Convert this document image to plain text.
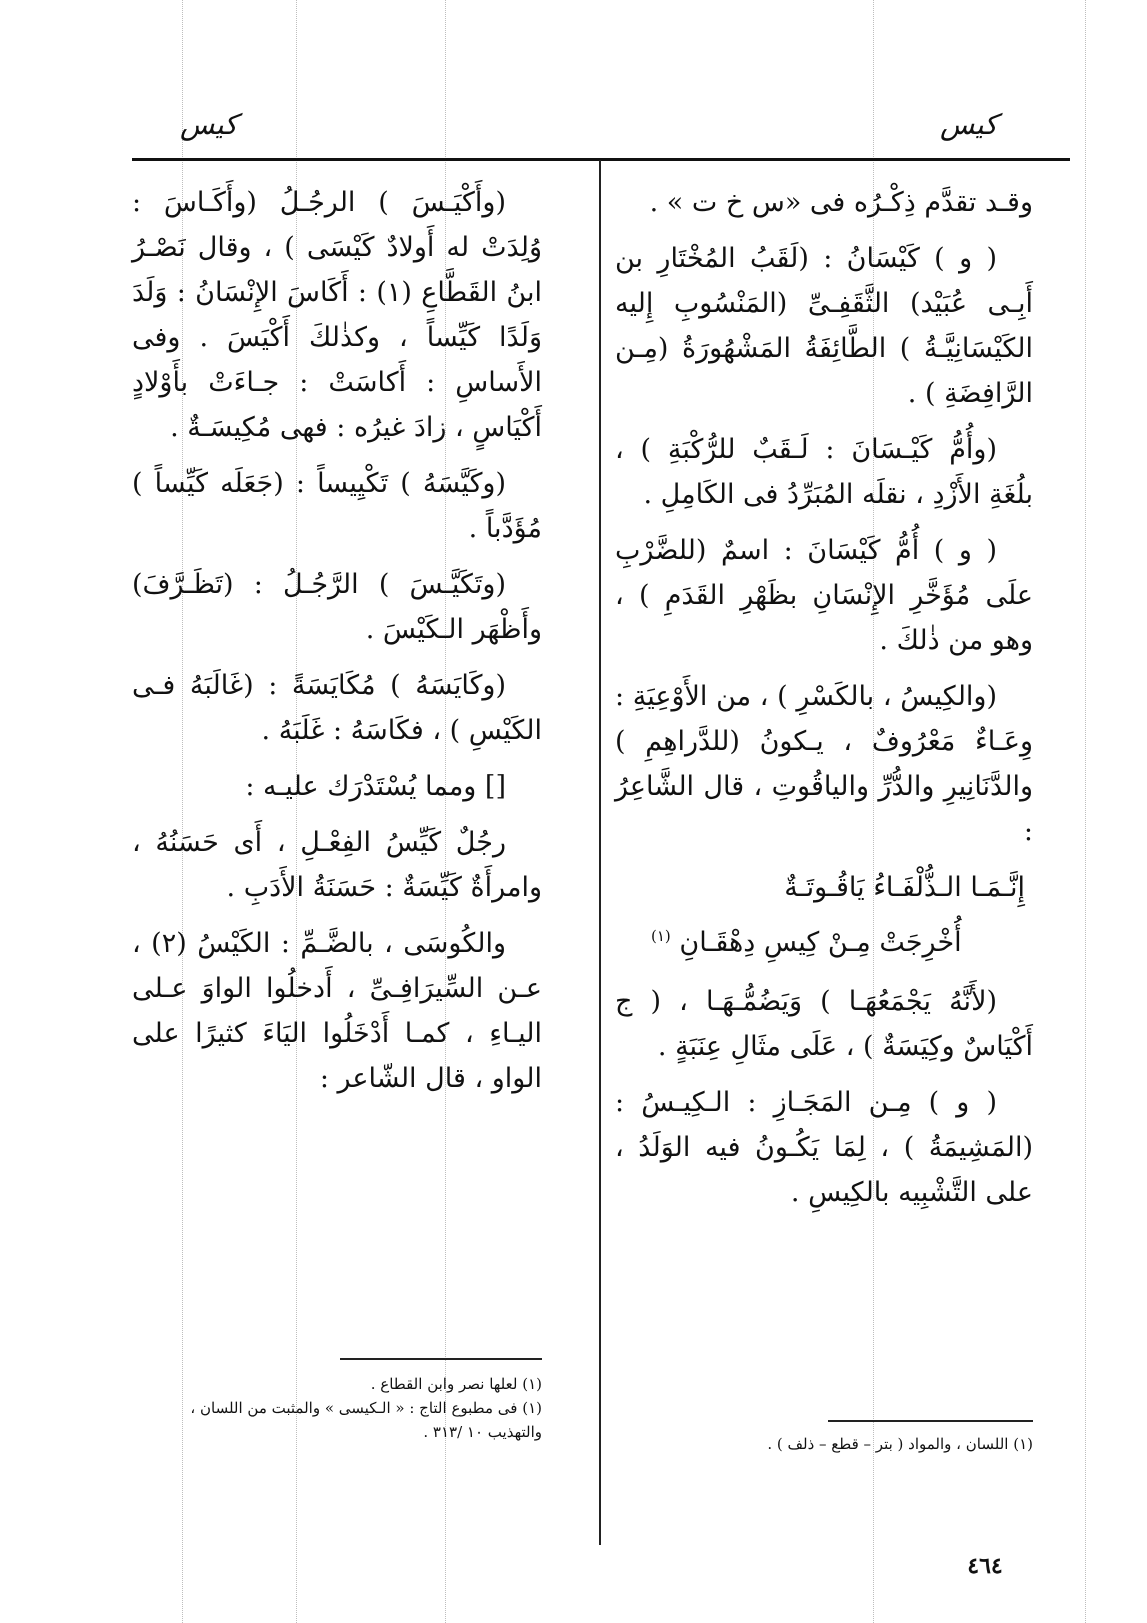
كيس
كيس

وقـد تقدَّم ذِكْـرُه فى «س خ ت » .

( و ) كَيْسَانُ : (لَقَبُ المُخْتَارِ بن أَبِـى عُبَيْد) الثَّقَفِـىِّ (المَنْسُوبِ إِليه الكَيْسَانِيَّـةُ ) الطَّائِفَةُ المَشْهُورَةُ (مِـن الرَّافِضَةِ ) .

(وأُمُّ كَيْـسَانَ : لَـقَبٌ للرُّكْبَةِ ) ، بلُغَةِ الأَزْدِ ، نقلَه المُبَرِّدُ فى الكَامِلِ .

( و ) أُمُّ كَيْسَانَ : اسمٌ (للضَّرْبِ علَى مُؤَخَّرِ الإِنْسَانِ بظَهْرِ القَدَمِ ) ، وهو من ذٰلكَ .

(والكِيسُ ، بالكَسْرِ ) ، من الأَوْعِيَةِ : وِعَـاءٌ مَعْرُوفٌ ، يـكونُ (للدَّراهِمِ ) والدَّنَانِيرِ والدُّرِّ والياقُوتِ ، قال الشَّاعِرُ :

إِنَّـمَـا الـذُّلْفَـاءُ يَاقُـوتَـةٌ

أُخْرِجَتْ مِـنْ كِيسِ دِهْقَـانِ $^{(١)}$

(لأَنَّهُ يَجْمَعُهَـا ) وَيَضُمُّـهَـا ، ( ج أَكْيَاسٌ وكِيَسَةٌ ) ، عَلَى مثَالِ عِنَبَةٍ .

( و ) مِـن المَجَـازِ : الـكِيـسُ : (المَشِيمَةُ ) ، لِمَا يَكُـونُ فيه الوَلَدُ ، على التَّشْبِيه بالكِيسِ .

(١) اللسان ، والمواد ( بتر – قطع – ذلف ) .

(وأَكْيَـسَ ) الرجُـلُ (وأَكَـاسَ : وُلِدَتْ له أَولادٌ كَيْسَى ) ، وقال نَصْـرُ ابنُ القَطَّاعِ (١) : أَكَاسَ الإِنْسَانُ : وَلَدَ وَلَدًا كَيِّساً ، وكذٰلكَ أَكْيَسَ . وفى الأَساسِ : أَكاسَتْ : جـاءَتْ بأَوْلادٍ أَكْيَاسٍ ، زادَ غيرُه : فهى مُكِيسَـةٌ .

(وكَيَّسَهُ ) تَكْيِيساً : (جَعَلَه كَيِّساً ) مُؤَدَّباً .

(وتَكَيَّـسَ ) الرَّجُـلُ : (تَظَـرَّفَ) وأَظْهَر الـكَيْسَ .

(وكَايَسَهُ ) مُكَايَسَةً : (غَالَبَهُ فـى الكَيْسِ ) ، فكَاسَهُ : غَلَبَهُ .

[] ومما يُسْتَدْرَك عليـه :

رجُلٌ كَيِّسُ الفِعْـلِ ، أَى حَسَنُهُ ، وامرأَةٌ كَيِّسَةٌ : حَسَنَةُ الأَدَبِ .

والكُوسَى ، بالضَّـمِّ : الكَيْسُ (٢) ، عـن السِّيرَافِـىِّ ، أَدخلُوا الواوَ عـلى اليـاءِ ، كمـا أَدْخَلُوا اليَاءَ كثيرًا على الواو ، قال الشّاعر :

(١) لعلها نصر وابن القطاع .

(١) فى مطبوع التاج : « الـكيسى » والمثبت من اللسان ، والتهذيب ١٠ /٣١٣ .

٤٦٤
